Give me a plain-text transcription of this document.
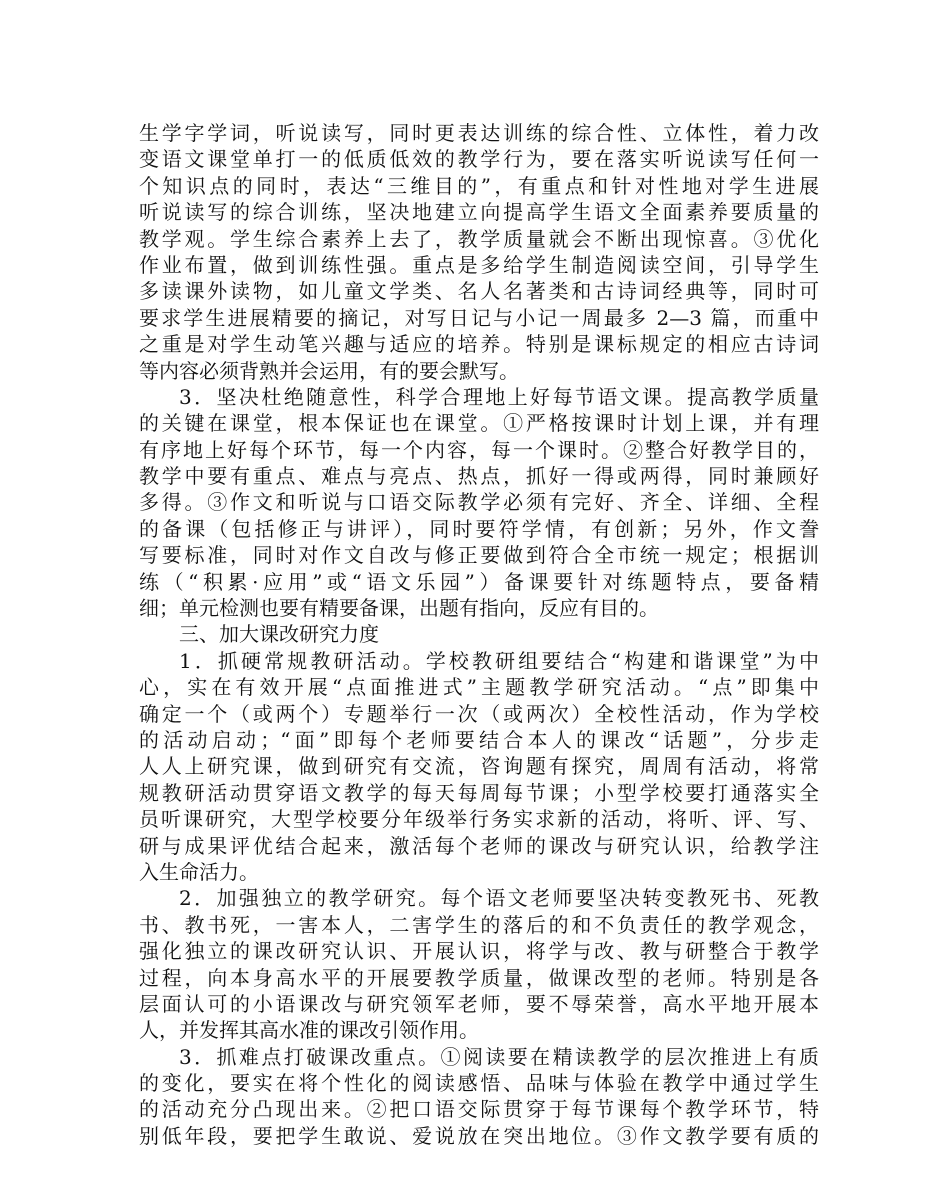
生学字学词，听说读写，同时更表达训练的综合性、立体性，着力改
变语文课堂单打一的低质低效的教学行为，要在落实听说读写任何一
个知识点的同时，表达“三维目的”，有重点和针对性地对学生进展
听说读写的综合训练，坚决地建立向提高学生语文全面素养要质量的
教学观。学生综合素养上去了，教学质量就会不断出现惊喜。③优化
作业布置，做到训练性强。重点是多给学生制造阅读空间，引导学生
多读课外读物，如儿童文学类、名人名著类和古诗词经典等，同时可
要求学生进展精要的摘记，对写日记与小记一周最多 2—3 篇，而重中
之重是对学生动笔兴趣与适应的培养。特别是课标规定的相应古诗词
等内容必须背熟并会运用，有的要会默写。
3．坚决杜绝随意性，科学合理地上好每节语文课。提高教学质量
的关键在课堂，根本保证也在课堂。①严格按课时计划上课，并有理
有序地上好每个环节，每一个内容，每一个课时。②整合好教学目的，
教学中要有重点、难点与亮点、热点，抓好一得或两得，同时兼顾好
多得。③作文和听说与口语交际教学必须有完好、齐全、详细、全程
的备课（包括修正与讲评），同时要符学情，有创新；另外，作文誊
写要标准，同时对作文自改与修正要做到符合全市统一规定；根据训
练（“积累·应用”或“语文乐园”）备课要针对练题特点，要备精
细；单元检测也要有精要备课，出题有指向，反应有目的。
三、加大课改研究力度
1．抓硬常规教研活动。学校教研组要结合“构建和谐课堂”为中
心，实在有效开展“点面推进式”主题教学研究活动。“点”即集中
确定一个（或两个）专题举行一次（或两次）全校性活动，作为学校
的活动启动；“面”即每个老师要结合本人的课改“话题”，分步走
人人上研究课，做到研究有交流，咨询题有探究，周周有活动，将常
规教研活动贯穿语文教学的每天每周每节课；小型学校要打通落实全
员听课研究，大型学校要分年级举行务实求新的活动，将听、评、写、
研与成果评优结合起来，激活每个老师的课改与研究认识，给教学注
入生命活力。
2．加强独立的教学研究。每个语文老师要坚决转变教死书、死教
书、教书死，一害本人，二害学生的落后的和不负责任的教学观念，
强化独立的课改研究认识、开展认识，将学与改、教与研整合于教学
过程，向本身高水平的开展要教学质量，做课改型的老师。特别是各
层面认可的小语课改与研究领军老师，要不辱荣誉，高水平地开展本
人，并发挥其高水准的课改引领作用。
3．抓难点打破课改重点。①阅读要在精读教学的层次推进上有质
的变化，要实在将个性化的阅读感悟、品味与体验在教学中通过学生
的活动充分凸现出来。②把口语交际贯穿于每节课每个教学环节，特
别低年段，要把学生敢说、爱说放在突出地位。③作文教学要有质的
